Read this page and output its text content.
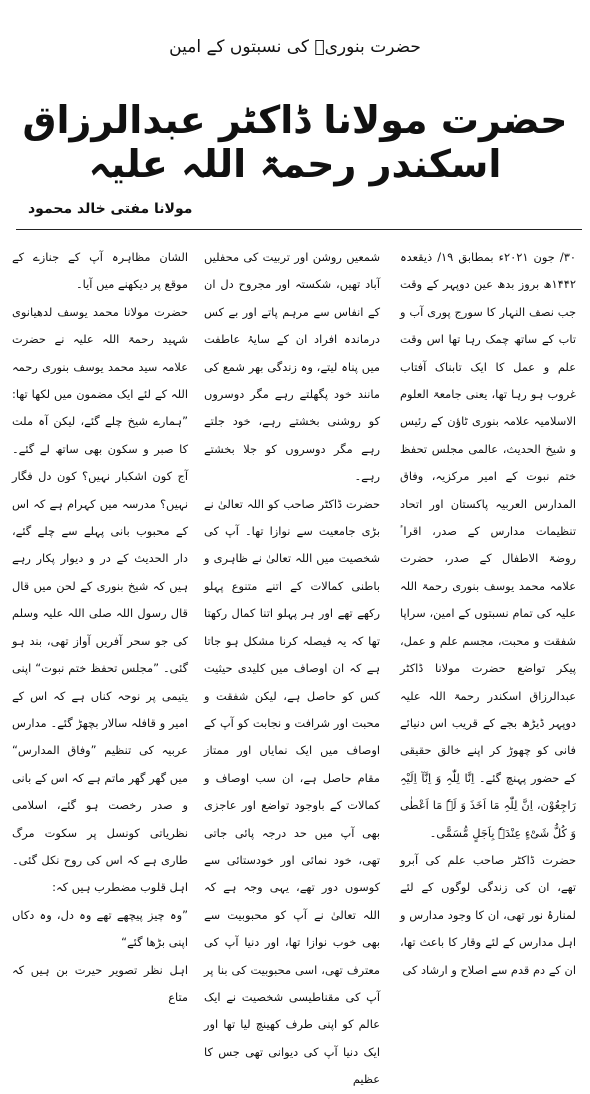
حضرت بنوریؒ کی نسبتوں کے امین
حضرت مولانا ڈاکٹر عبدالرزاق اسکندر رحمۃ اللہ علیہ
مولانا مفتی خالد محمود

۳۰/ جون ۲۰۲۱ء بمطابق ۱۹/ ذیقعدہ ۱۴۴۲ھ بروز بدھ عین دوپہر کے وقت جب نصف النہار کا سورج پوری آب و تاب کے ساتھ چمک رہا تھا اس وقت علم و عمل کا ایک تابناک آفتاب غروب ہو رہا تھا، یعنی جامعۃ العلوم الاسلامیہ علامہ بنوری ٹاؤن کے رئیس و شیخ الحدیث، عالمی مجلس تحفظ ختم نبوت کے امیر مرکزیہ، وفاق المدارس العربیہ پاکستان اور اتحاد تنظیمات مدارس کے صدر، اقراٴ روضۃ الاطفال کے صدر، حضرت علامہ محمد یوسف بنوری رحمۃ اللہ علیہ کی تمام نسبتوں کے امین، سراپا شفقت و محبت، مجسم علم و عمل، پیکر تواضع حضرت مولانا ڈاکٹر عبدالرزاق اسکندر رحمۃ اللہ علیہ دوپہر ڈیڑھ بجے کے قریب اس دنیائے فانی کو چھوڑ کر اپنے خالق حقیقی کے حضور پہنچ گئے۔ اِنَّا لِلّٰہِ وَ اِنَّآ اِلَیْہِ رَاجِعُوْن، اِنَّ لِلّٰہِ مَا اَخَذَ وَ لَہٗ مَا اَعْطٰی وَ کُلُّ شَیْءٍ عِنْدَہٗ بِاَجَلٍ مُّسَمًّی۔

حضرت ڈاکٹر صاحب علم کی آبرو تھے، ان کی زندگی لوگوں کے لئے لمنارۂ نور تھی، ان کا وجود مدارس و اہل مدارس کے لئے وقار کا باعث تھا، ان کے دم قدم سے اصلاح و ارشاد کی

شمعیں روشن اور تربیت کی محفلیں آباد تھیں، شکستہ اور مجروح دل ان کے انفاس سے مرہم پاتے اور بے کس درماندہ افراد ان کے سایۂ عاطفت میں پناہ لیتے، وہ زندگی بھر شمع کی مانند خود پگھلتے رہے مگر دوسروں کو روشنی بخشتے رہے، خود جلتے رہے مگر دوسروں کو جلا بخشتے رہے۔

حضرت ڈاکٹر صاحب کو اللہ تعالیٰ نے بڑی جامعیت سے نوازا تھا۔ آپ کی شخصیت میں اللہ تعالیٰ نے ظاہری و باطنی کمالات کے اتنے متنوع پہلو رکھے تھے اور ہر پہلو اتنا کمال رکھتا تھا کہ یہ فیصلہ کرنا مشکل ہو جاتا ہے کہ ان اوصاف میں کلیدی حیثیت کس کو حاصل ہے، لیکن شفقت و محبت اور شرافت و نجابت کو آپ کے اوصاف میں ایک نمایاں اور ممتاز مقام حاصل ہے، ان سب اوصاف و کمالات کے باوجود تواضع اور عاجزی بھی آپ میں حد درجہ پائی جاتی تھی، خود نمائی اور خودستائی سے کوسوں دور تھے، یہی وجہ ہے کہ اللہ تعالیٰ نے آپ کو محبوبیت سے بھی خوب نوازا تھا، اور دنیا آپ کی معترف تھی، اسی محبوبیت کی بنا پر آپ کی مقناطیسی شخصیت نے ایک عالم کو اپنی طرف کھینچ لیا تھا اور ایک دنیا آپ کی دیوانی تھی جس کا عظیم

الشان مظاہرہ آپ کے جنازے کے موقع پر دیکھنے میں آیا۔

حضرت مولانا محمد یوسف لدھیانوی شہید رحمۃ اللہ علیہ نے حضرت علامہ سید محمد یوسف بنوری رحمہ اللہ کے لئے ایک مضمون میں لکھا تھا: ”ہمارے شیخ چلے گئے، لیکن آہ ملت کا صبر و سکون بھی ساتھ لے گئے۔ آج کون اشکبار نہیں؟ کون دل فگار نہیں؟ مدرسہ میں کہرام ہے کہ اس کے محبوب بانی پہلے سے چلے گئے، دار الحدیث کے در و دیوار پکار رہے ہیں کہ شیخ بنوری کے لحن میں قال قال رسول اللہ صلی اللہ علیہ وسلم کی جو سحر آفریں آواز تھی، بند ہو گئی۔ ”مجلس تحفظ ختم نبوت“ اپنی یتیمی پر نوحہ کناں ہے کہ اس کے امیر و قافلہ سالار بچھڑ گئے۔ مدارس عربیہ کی تنظیم ”وفاق المدارس“ میں گھر گھر ماتم ہے کہ اس کے بانی و صدر رخصت ہو گئے، اسلامی نظریاتی کونسل پر سکوت مرگ طاری ہے کہ اس کی روح نکل گئی۔ اہل قلوب مضطرب ہیں کہ:

”وہ چیز پیچھے تھے وہ دل، وہ دکاں اپنی بڑھا گئے“

اہل نظر تصویر حیرت بن ہیں کہ متاع
